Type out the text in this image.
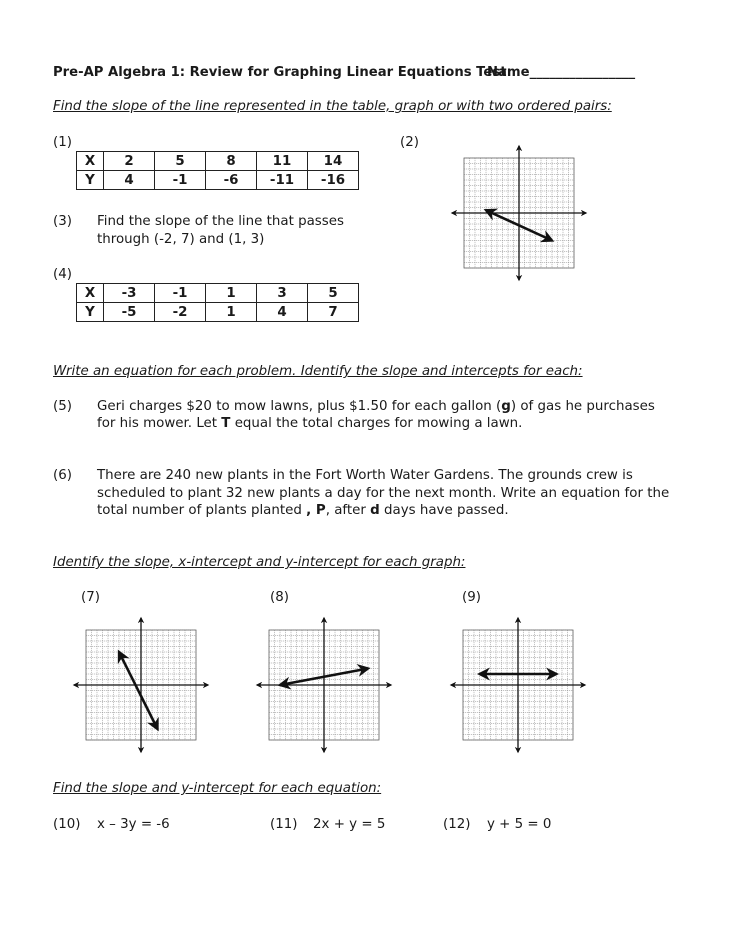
Pre-AP Algebra 1: Review for Graphing Linear Equations Test
Name________________
Find the slope of the line represented in the table, graph or with two ordered pairs:
(1)
X	2	5	8	11	14
Y	4	-1	-6	-11	-16
(2)
(3) Find the slope of the line that passes
through (-2, 7) and (1, 3)
(4)
X	-3	-1	1	3	5
Y	-5	-2	1	4	7
Write an equation for each problem. Identify the slope and intercepts for each:
(5) Geri charges $20 to mow lawns, plus $1.50 for each gallon (g) of gas he purchases
for his mower. Let T equal the total charges for mowing a lawn.
(6) There are 240 new plants in the Fort Worth Water Gardens. The grounds crew is
scheduled to plant 32 new plants a day for the next month. Write an equation for the
total number of plants planted , P, after d days have passed.
Identify the slope, x-intercept and y-intercept for each graph:
(7)	(8)	(9)
Find the slope and y-intercept for each equation:
(10) x – 3y = -6	(11) 2x + y = 5	(12) y + 5 = 0
